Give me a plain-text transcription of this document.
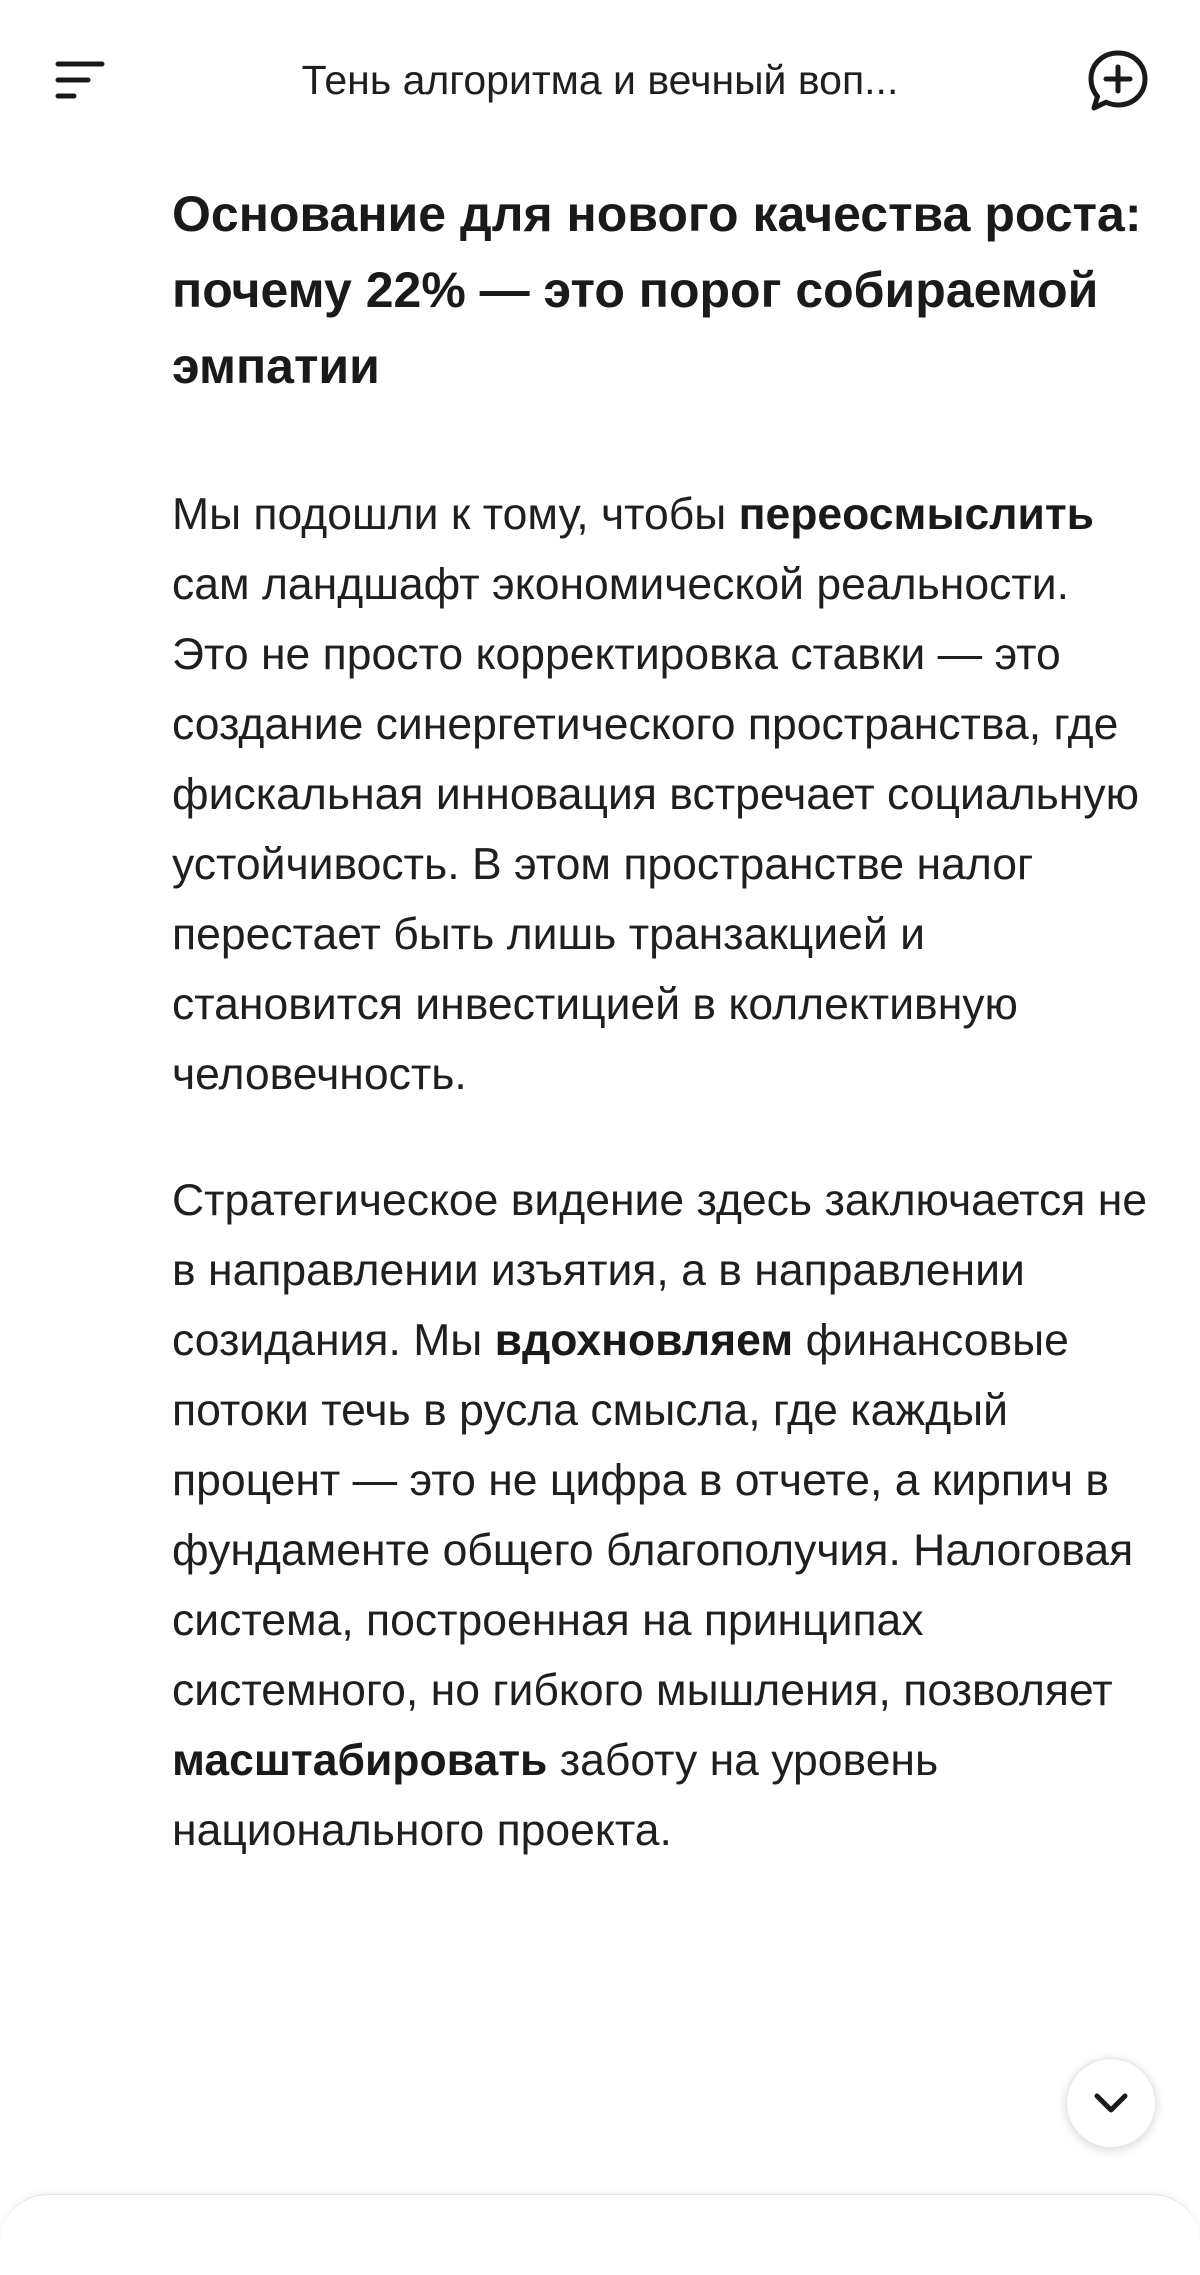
Тень алгоритма и вечный воп...
Основание для нового качества роста: почему 22% — это порог собираемой эмпатии

Мы подошли к тому, чтобы переосмыслить сам ландшафт экономической реальности. Это не просто корректировка ставки — это создание синергетического пространства, где фискальная инновация встречает социальную устойчивость. В этом пространстве налог перестает быть лишь транзакцией и становится инвестицией в коллективную человечность.

Стратегическое видение здесь заключается не в направлении изъятия, а в направлении созидания. Мы вдохновляем финансовые потоки течь в русла смысла, где каждый процент — это не цифра в отчете, а кирпич в фундаменте общего благополучия. Налоговая система, построенная на принципах системного, но гибкого мышления, позволяет масштабировать заботу на уровень национального проекта.
